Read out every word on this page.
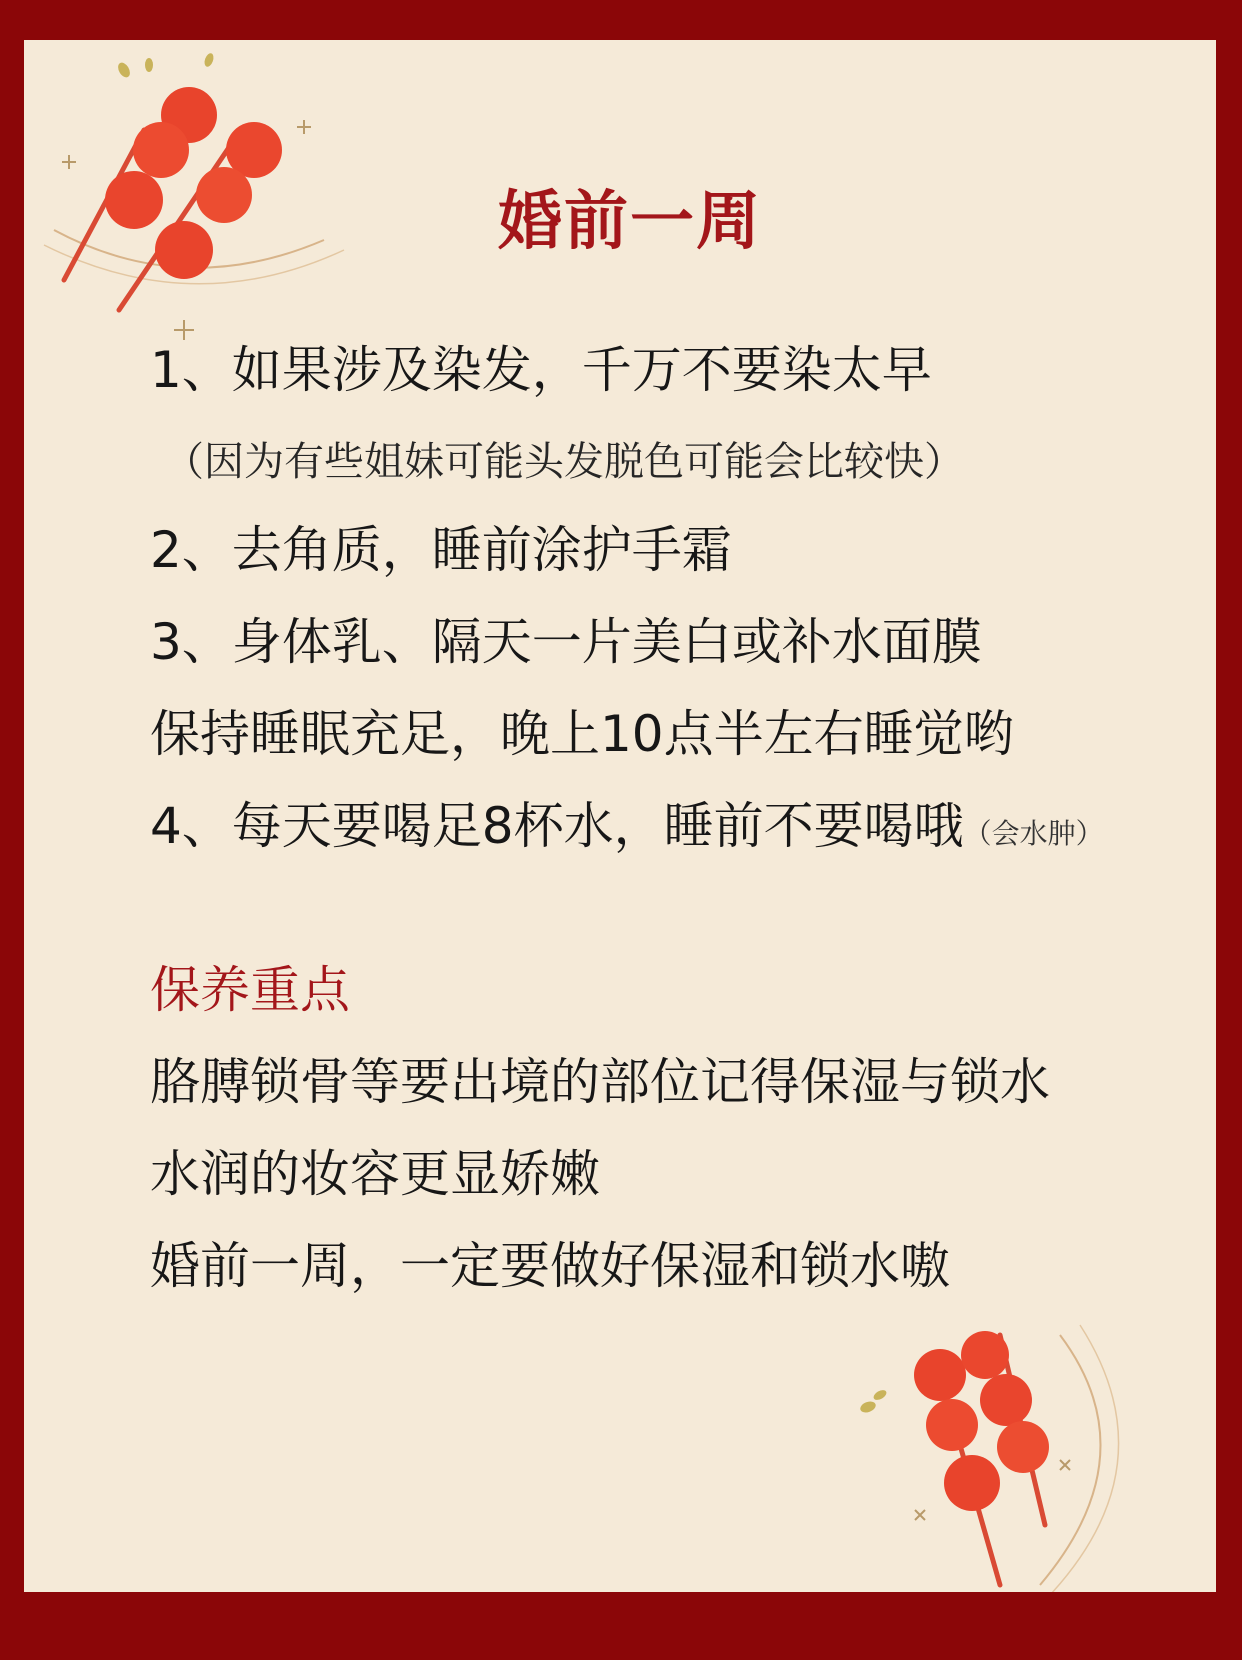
婚前一周
1、如果涉及染发，千万不要染太早
（因为有些姐妹可能头发脱色可能会比较快）
2、去角质，睡前涂护手霜
3、身体乳、隔天一片美白或补水面膜
保持睡眠充足，晚上10点半左右睡觉哟
4、每天要喝足8杯水，睡前不要喝哦（会水肿）
保养重点
胳膊锁骨等要出境的部位记得保湿与锁水
水润的妆容更显娇嫩
婚前一周，一定要做好保湿和锁水嗷
